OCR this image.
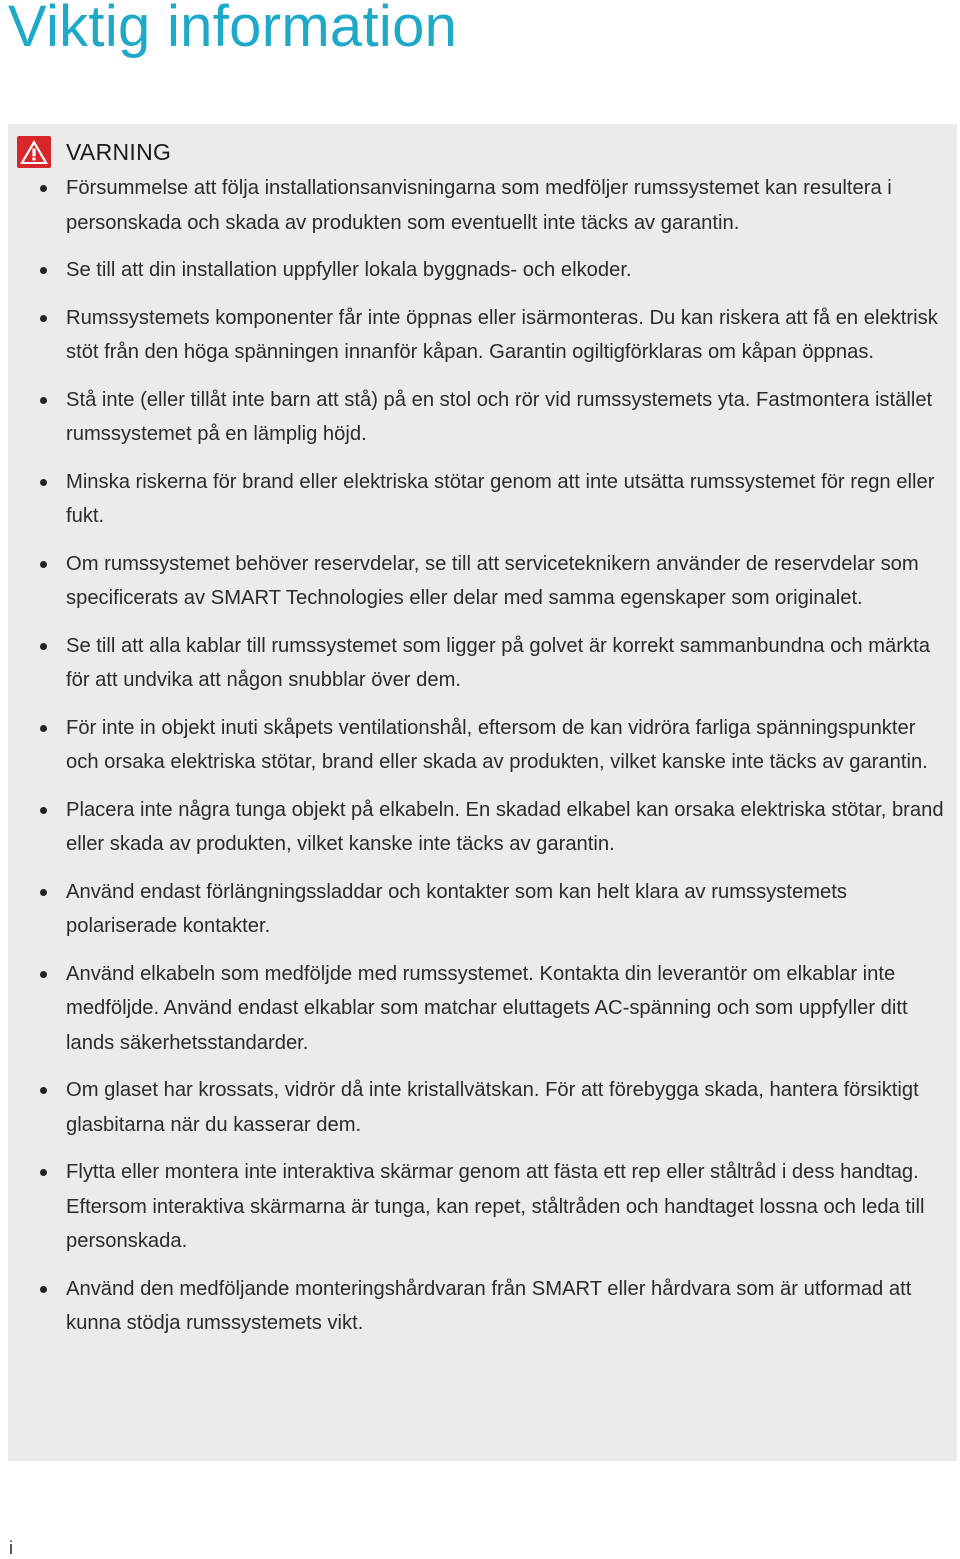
Viktig information
VARNING
Försummelse att följa installationsanvisningarna som medföljer rumssystemet kan resultera i personskada och skada av produkten som eventuellt inte täcks av garantin.
Se till att din installation uppfyller lokala byggnads- och elkoder.
Rumssystemets komponenter får inte öppnas eller isärmonteras. Du kan riskera att få en elektrisk stöt från den höga spänningen innanför kåpan. Garantin ogiltigförklaras om kåpan öppnas.
Stå inte (eller tillåt inte barn att stå) på en stol och rör vid rumssystemets yta. Fastmontera istället rumssystemet på en lämplig höjd.
Minska riskerna för brand eller elektriska stötar genom att inte utsätta rumssystemet för regn eller fukt.
Om rumssystemet behöver reservdelar, se till att serviceteknikern använder de reservdelar som specificerats av SMART Technologies eller delar med samma egenskaper som originalet.
Se till att alla kablar till rumssystemet som ligger på golvet är korrekt sammanbundna och märkta för att undvika att någon snubblar över dem.
För inte in objekt inuti skåpets ventilationshål, eftersom de kan vidröra farliga spänningspunkter och orsaka elektriska stötar, brand eller skada av produkten, vilket kanske inte täcks av garantin.
Placera inte några tunga objekt på elkabeln. En skadad elkabel kan orsaka elektriska stötar, brand eller skada av produkten, vilket kanske inte täcks av garantin.
Använd endast förlängningssladdar och kontakter som kan helt klara av rumssystemets polariserade kontakter.
Använd elkabeln som medföljde med rumssystemet. Kontakta din leverantör om elkablar inte medföljde. Använd endast elkablar som matchar eluttagets AC-spänning och som uppfyller ditt lands säkerhetsstandarder.
Om glaset har krossats, vidrör då inte kristallvätskan. För att förebygga skada, hantera försiktigt glasbitarna när du kasserar dem.
Flytta eller montera inte interaktiva skärmar genom att fästa ett rep eller ståltråd i dess handtag. Eftersom interaktiva skärmarna är tunga, kan repet, ståltråden och handtaget lossna och leda till personskada.
Använd den medföljande monteringshårdvaran från SMART eller hårdvara som är utformad att kunna stödja rumssystemets vikt.
i
